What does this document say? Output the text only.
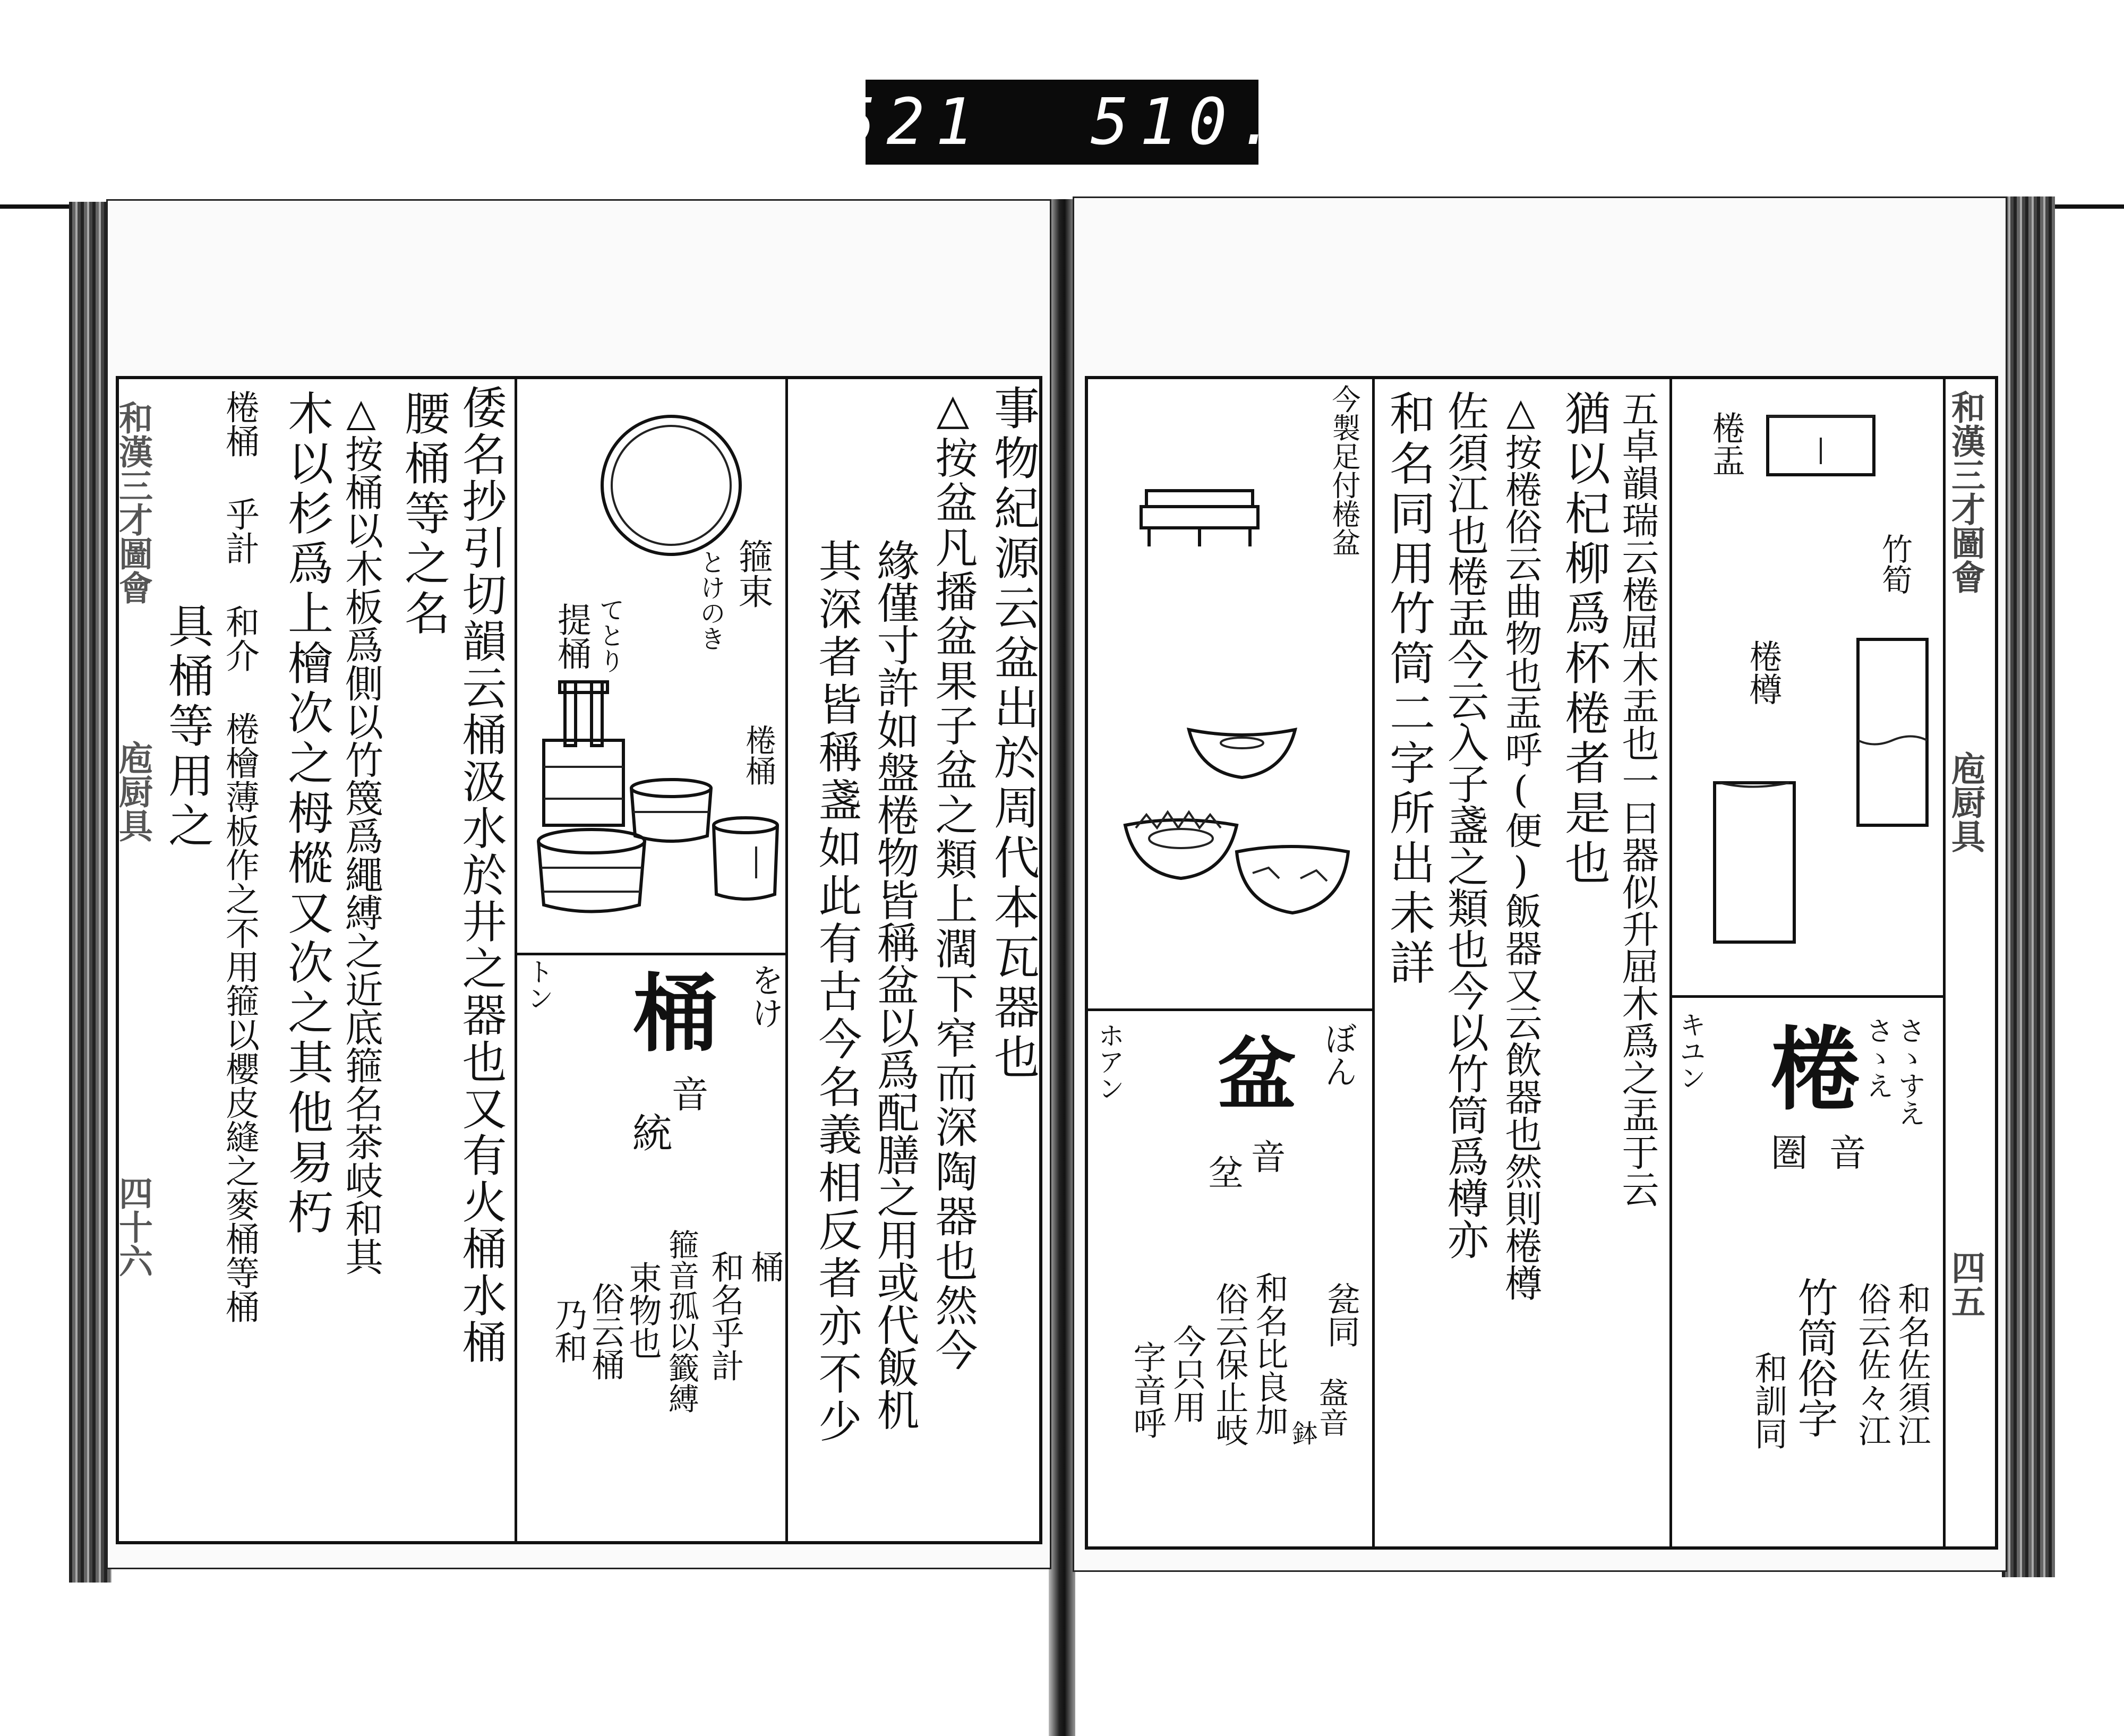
521 510.
和漢三才圖會
庖厨具
四十六
事物紀源云盆出於周代本瓦器也
△按盆凡播盆果子盆之類上濶下窄而深陶器也然今
緣僅寸許如盤棬物皆稱盆以爲配膳之用或代飯机
其深者皆稱盞如此有古今名義相反者亦不少
倭名抄引切韻云桶汲水於井之器也又有火桶水桶
腰桶等之名
△按桶以木板爲側以竹篾爲繩縛之近底箍名茶岐和其
木以杉爲上檜次之栂樅又次之其他易朽
棬桶 乎計 和介 棬檜薄板作之不用箍以櫻皮縫之麥桶等桶
具桶等用之
箍束
とけのき
提桶 てとり
棬桶
桶
音
統
をけ
トン
桶
和名乎計
箍音孤以籤縛
束物也
俗云桶
乃和
和漢三才圖會
庖厨具
四五
棬盂
竹筍
棬樽
今製足付棬盆	五卓韻瑞云棬屈木盂也一曰器似升屈木爲之盂于云
猶以杞柳爲杯棬者是也
△按棬俗云曲物也盂呼(便)飯器又云飲器也然則棬樽
佐須江也棬盂今云入子盞之類也今以竹筒爲樽亦
和名同用竹筒二字所出未詳
棬
音
圏
さゝすえ
さゝえ
キユン
和名佐須江
俗云佐々江
竹筒俗字
和訓同
盆
音
坌
ぼん
ホアン
瓫同
盋音
鉢
和名比良加
俗云保止岐
今只用
字音呼
